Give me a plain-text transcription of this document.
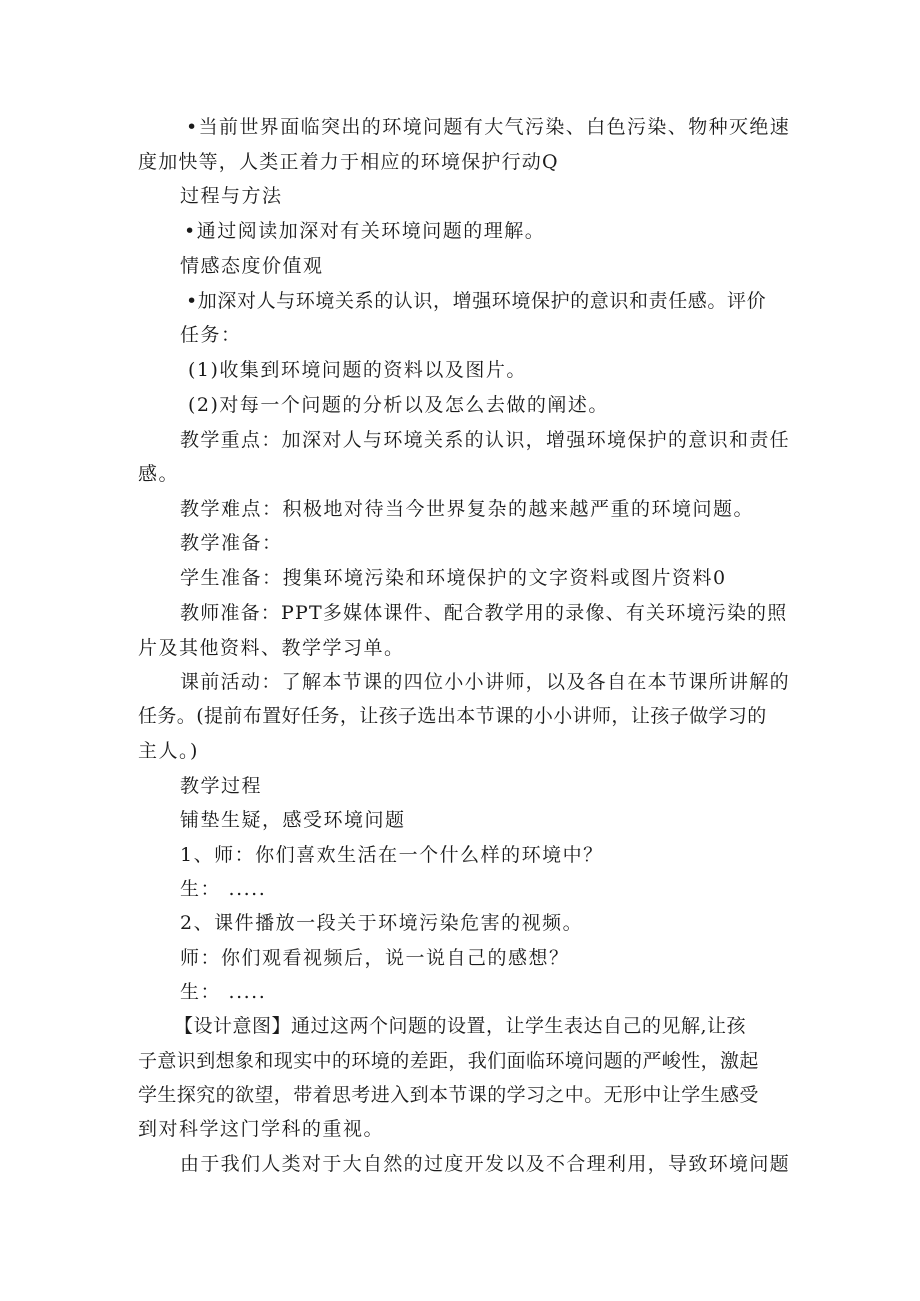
•当前世界面临突出的环境问题有大气污染、白色污染、物种灭绝速
度加快等，人类正着力于相应的环境保护行动Q
过程与方法
•通过阅读加深对有关环境问题的理解。
情感态度价值观
•加深对人与环境关系的认识，增强环境保护的意识和责任感。评价
任务：
(1)收集到环境问题的资料以及图片。
(2)对每一个问题的分析以及怎么去做的阐述。
教学重点：加深对人与环境关系的认识，增强环境保护的意识和责任
感。
教学难点：积极地对待当今世界复杂的越来越严重的环境问题。
教学准备：
学生准备：搜集环境污染和环境保护的文字资料或图片资料0
教师准备：PPT多媒体课件、配合教学用的录像、有关环境污染的照
片及其他资料、教学学习单。
课前活动：了解本节课的四位小小讲师，以及各自在本节课所讲解的
任务。(提前布置好任务，让孩子选出本节课的小小讲师，让孩子做学习的
主人。)
教学过程
铺垫生疑，感受环境问题
1、师：你们喜欢生活在一个什么样的环境中？
生： .....
2、课件播放一段关于环境污染危害的视频。
师：你们观看视频后，说一说自己的感想？
生： .....
【设计意图】通过这两个问题的设置，让学生表达自己的见解,让孩
子意识到想象和现实中的环境的差距，我们面临环境问题的严峻性，激起
学生探究的欲望，带着思考进入到本节课的学习之中。无形中让学生感受
到对科学这门学科的重视。
由于我们人类对于大自然的过度开发以及不合理利用，导致环境问题
